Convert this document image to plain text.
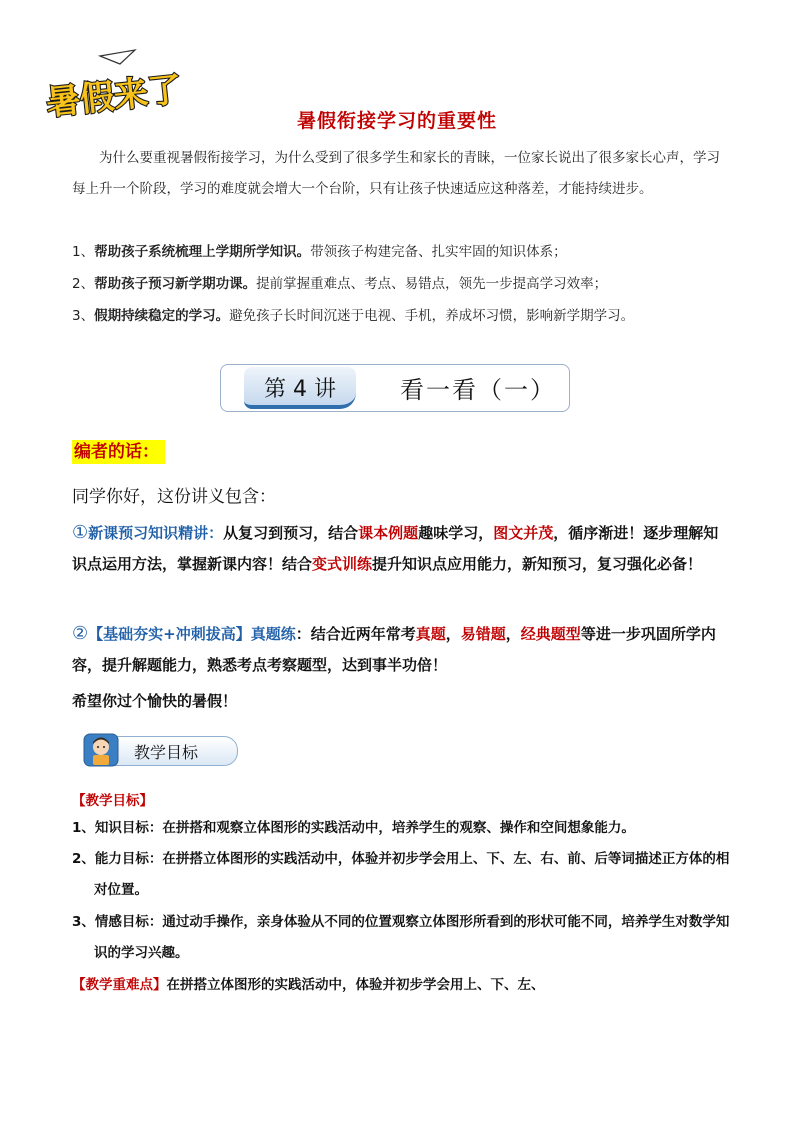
暑假来了	暑假衔接学习的重要性
为什么要重视暑假衔接学习，为什么受到了很多学生和家长的青睐，一位家长说出了很多家长心声，学习每上升一个阶段，学习的难度就会增大一个台阶，只有让孩子快速适应这种落差，才能持续进步。
1、帮助孩子系统梳理上学期所学知识。带领孩子构建完备、扎实牢固的知识体系；
2、帮助孩子预习新学期功课。提前掌握重难点、考点、易错点，领先一步提高学习效率；
3、假期持续稳定的学习。避免孩子长时间沉迷于电视、手机，养成坏习惯，影响新学期学习。
第 4 讲	看一看（一）
编者的话：
同学你好，这份讲义包含：
①新课预习知识精讲：从复习到预习，结合课本例题趣味学习，图文并茂，循序渐进！逐步理解知识点运用方法，掌握新课内容！结合变式训练提升知识点应用能力，新知预习，复习强化必备！
②【基础夯实+冲刺拔高】真题练：结合近两年常考真题，易错题，经典题型等进一步巩固所学内容，提升解题能力，熟悉考点考察题型，达到事半功倍！
希望你过个愉快的暑假！
教学目标
【教学目标】
1、知识目标：在拼搭和观察立体图形的实践活动中，培养学生的观察、操作和空间想象能力。
2、能力目标：在拼搭立体图形的实践活动中，体验并初步学会用上、下、左、右、前、后等词描述正方体的相对位置。
3、情感目标：通过动手操作，亲身体验从不同的位置观察立体图形所看到的形状可能不同，培养学生对数学知识的学习兴趣。
【教学重难点】在拼搭立体图形的实践活动中，体验并初步学会用上、下、左、
